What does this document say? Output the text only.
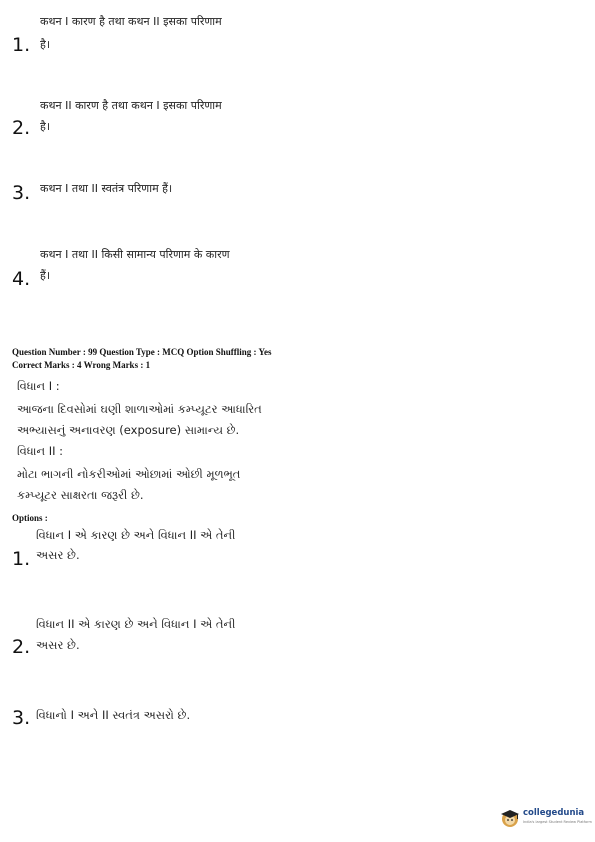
कथन I कारण है तथा कथन II इसका परिणाम
1. है।
कथन II कारण है तथा कथन I इसका परिणाम
2. है।
3. कथन I तथा II स्वतंत्र परिणाम हैं।
कथन I तथा II किसी सामान्य परिणाम के कारण
4. हैं।
Question Number : 99 Question Type : MCQ Option Shuffling : Yes
Correct Marks : 4 Wrong Marks : 1
વિધાન I :
આજના દિવસોમાં ઘણી શાળાઓમાં કમ્પ્યૂટર આધારિત
અભ્યાસનું અનાવરણ (exposure) સામાન્ય છે.
વિધાન II :
મોટા ભાગની નોકરીઓમાં ઓછામાં ઓછી મૂળભૂત
કમ્પ્યૂટર સાક્ષરતા જરૂરી છે.
Options :
વિધાન I એ કારણ છે અને વિધાન II એ તેની
1. અસર છે.
વિધાન II એ કારણ છે અને વિધાન I એ તેની
2. અસર છે.
3. વિધાનો I અને II સ્વતંત્ર અસરો છે.
collegedunia
India's largest Student Review Platform
